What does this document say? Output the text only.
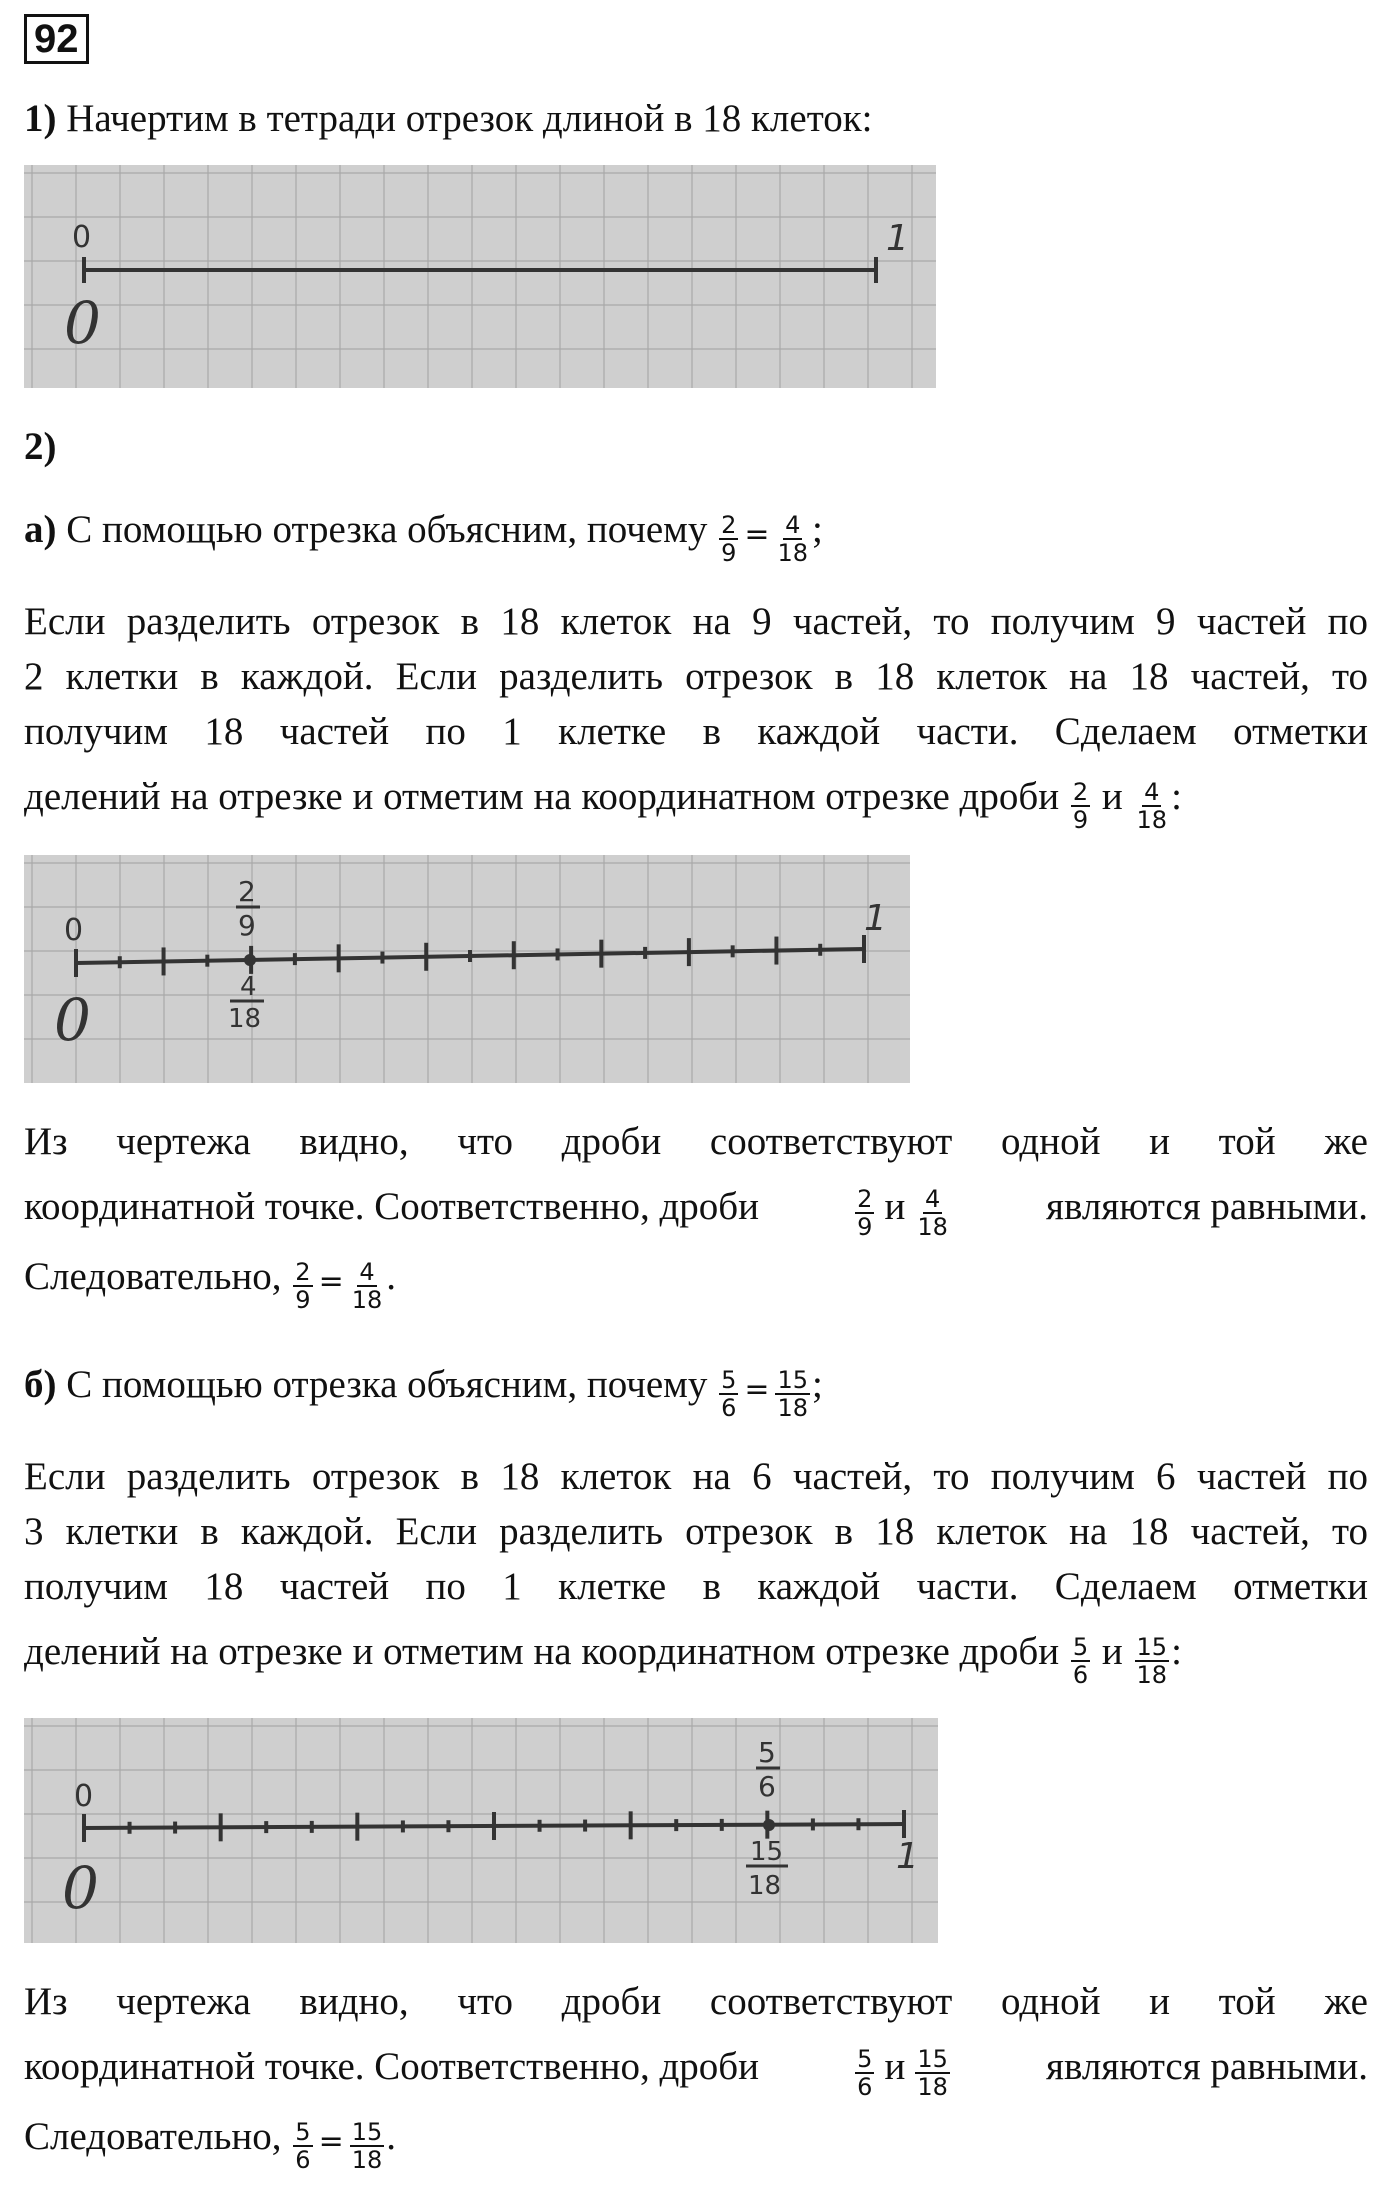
92
1) Начертим в тетради отрезок длиной в 18 клеток:
0
0
1
2)
а) С помощью отрезка объясним, почему $\frac{2}{9} = \frac{4}{18}$ ;
Если разделить отрезок в 18 клеток на 9 частей, то получим 9 частей по
2 клетки в каждой. Если разделить отрезок в 18 клеток на 18 частей, то
получим 18 частей по 1 клетке в каждой части. Сделаем отметки
делений на отрезке и отметим на координатном отрезке дроби $\frac{2}{9}$ и $\frac{4}{18}$ :
0
0
1
2
9
4
18
Из чертежа видно, что дроби соответствуют одной и той же
координатной точке. Соответственно, дроби	$\frac{2}{9}$ и $\frac{4}{18}$ являются равными.
Следовательно, $\frac{2}{9} = \frac{4}{18}$ .
б) С помощью отрезка объясним, почему $\frac{5}{6} = \frac{15}{18}$ ;
Если разделить отрезок в 18 клеток на 6 частей, то получим 6 частей по
3 клетки в каждой. Если разделить отрезок в 18 клеток на 18 частей, то
получим 18 частей по 1 клетке в каждой части. Сделаем отметки
делений на отрезке и отметим на координатном отрезке дроби $\frac{5}{6}$ и $\frac{15}{18}$ :
0
0	1
5
6
15
18
Из чертежа видно, что дроби соответствуют одной и той же
координатной точке. Соответственно, дроби	$\frac{5}{6}$ и $\frac{15}{18}$ являются равными.
Следовательно, $\frac{5}{6} = \frac{15}{18}$ .
